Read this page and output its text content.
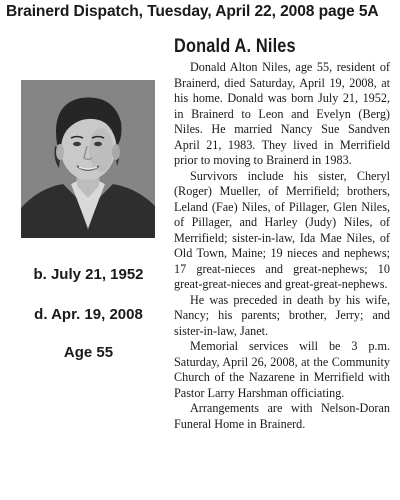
Brainerd Dispatch, Tuesday, April 22, 2008 page 5A
b. July 21, 1952
d. Apr. 19, 2008
Age 55
Donald A. Niles

Donald Alton Niles, age 55, resident of Brainerd, died Saturday, April 19, 2008, at his home. Donald was born July 21, 1952, in Brainerd to Leon and Evelyn (Berg) Niles. He married Nancy Sue Sandven April 21, 1983. They lived in Merrifield prior to moving to Brainerd in 1983.

Survivors include his sister, Cheryl (Roger) Mueller, of Merrifield; brothers, Leland (Fae) Niles, of Pillager, Glen Niles, of Pillager, and Harley (Judy) Niles, of Merrifield; sister-in-law, Ida Mae Niles, of Old Town, Maine; 19 nieces and nephews; 17 great-nieces and great-nephews; 10 great-great-nieces and great-great-nephews.

He was preceded in death by his wife, Nancy; his parents; brother, Jerry; and sister-in-law, Janet.

Memorial services will be 3 p.m. Saturday, April 26, 2008, at the Community Church of the Nazarene in Merrifield with Pastor Larry Harshman officiating.

Arrangements are with Nelson-Doran Funeral Home in Brainerd.
